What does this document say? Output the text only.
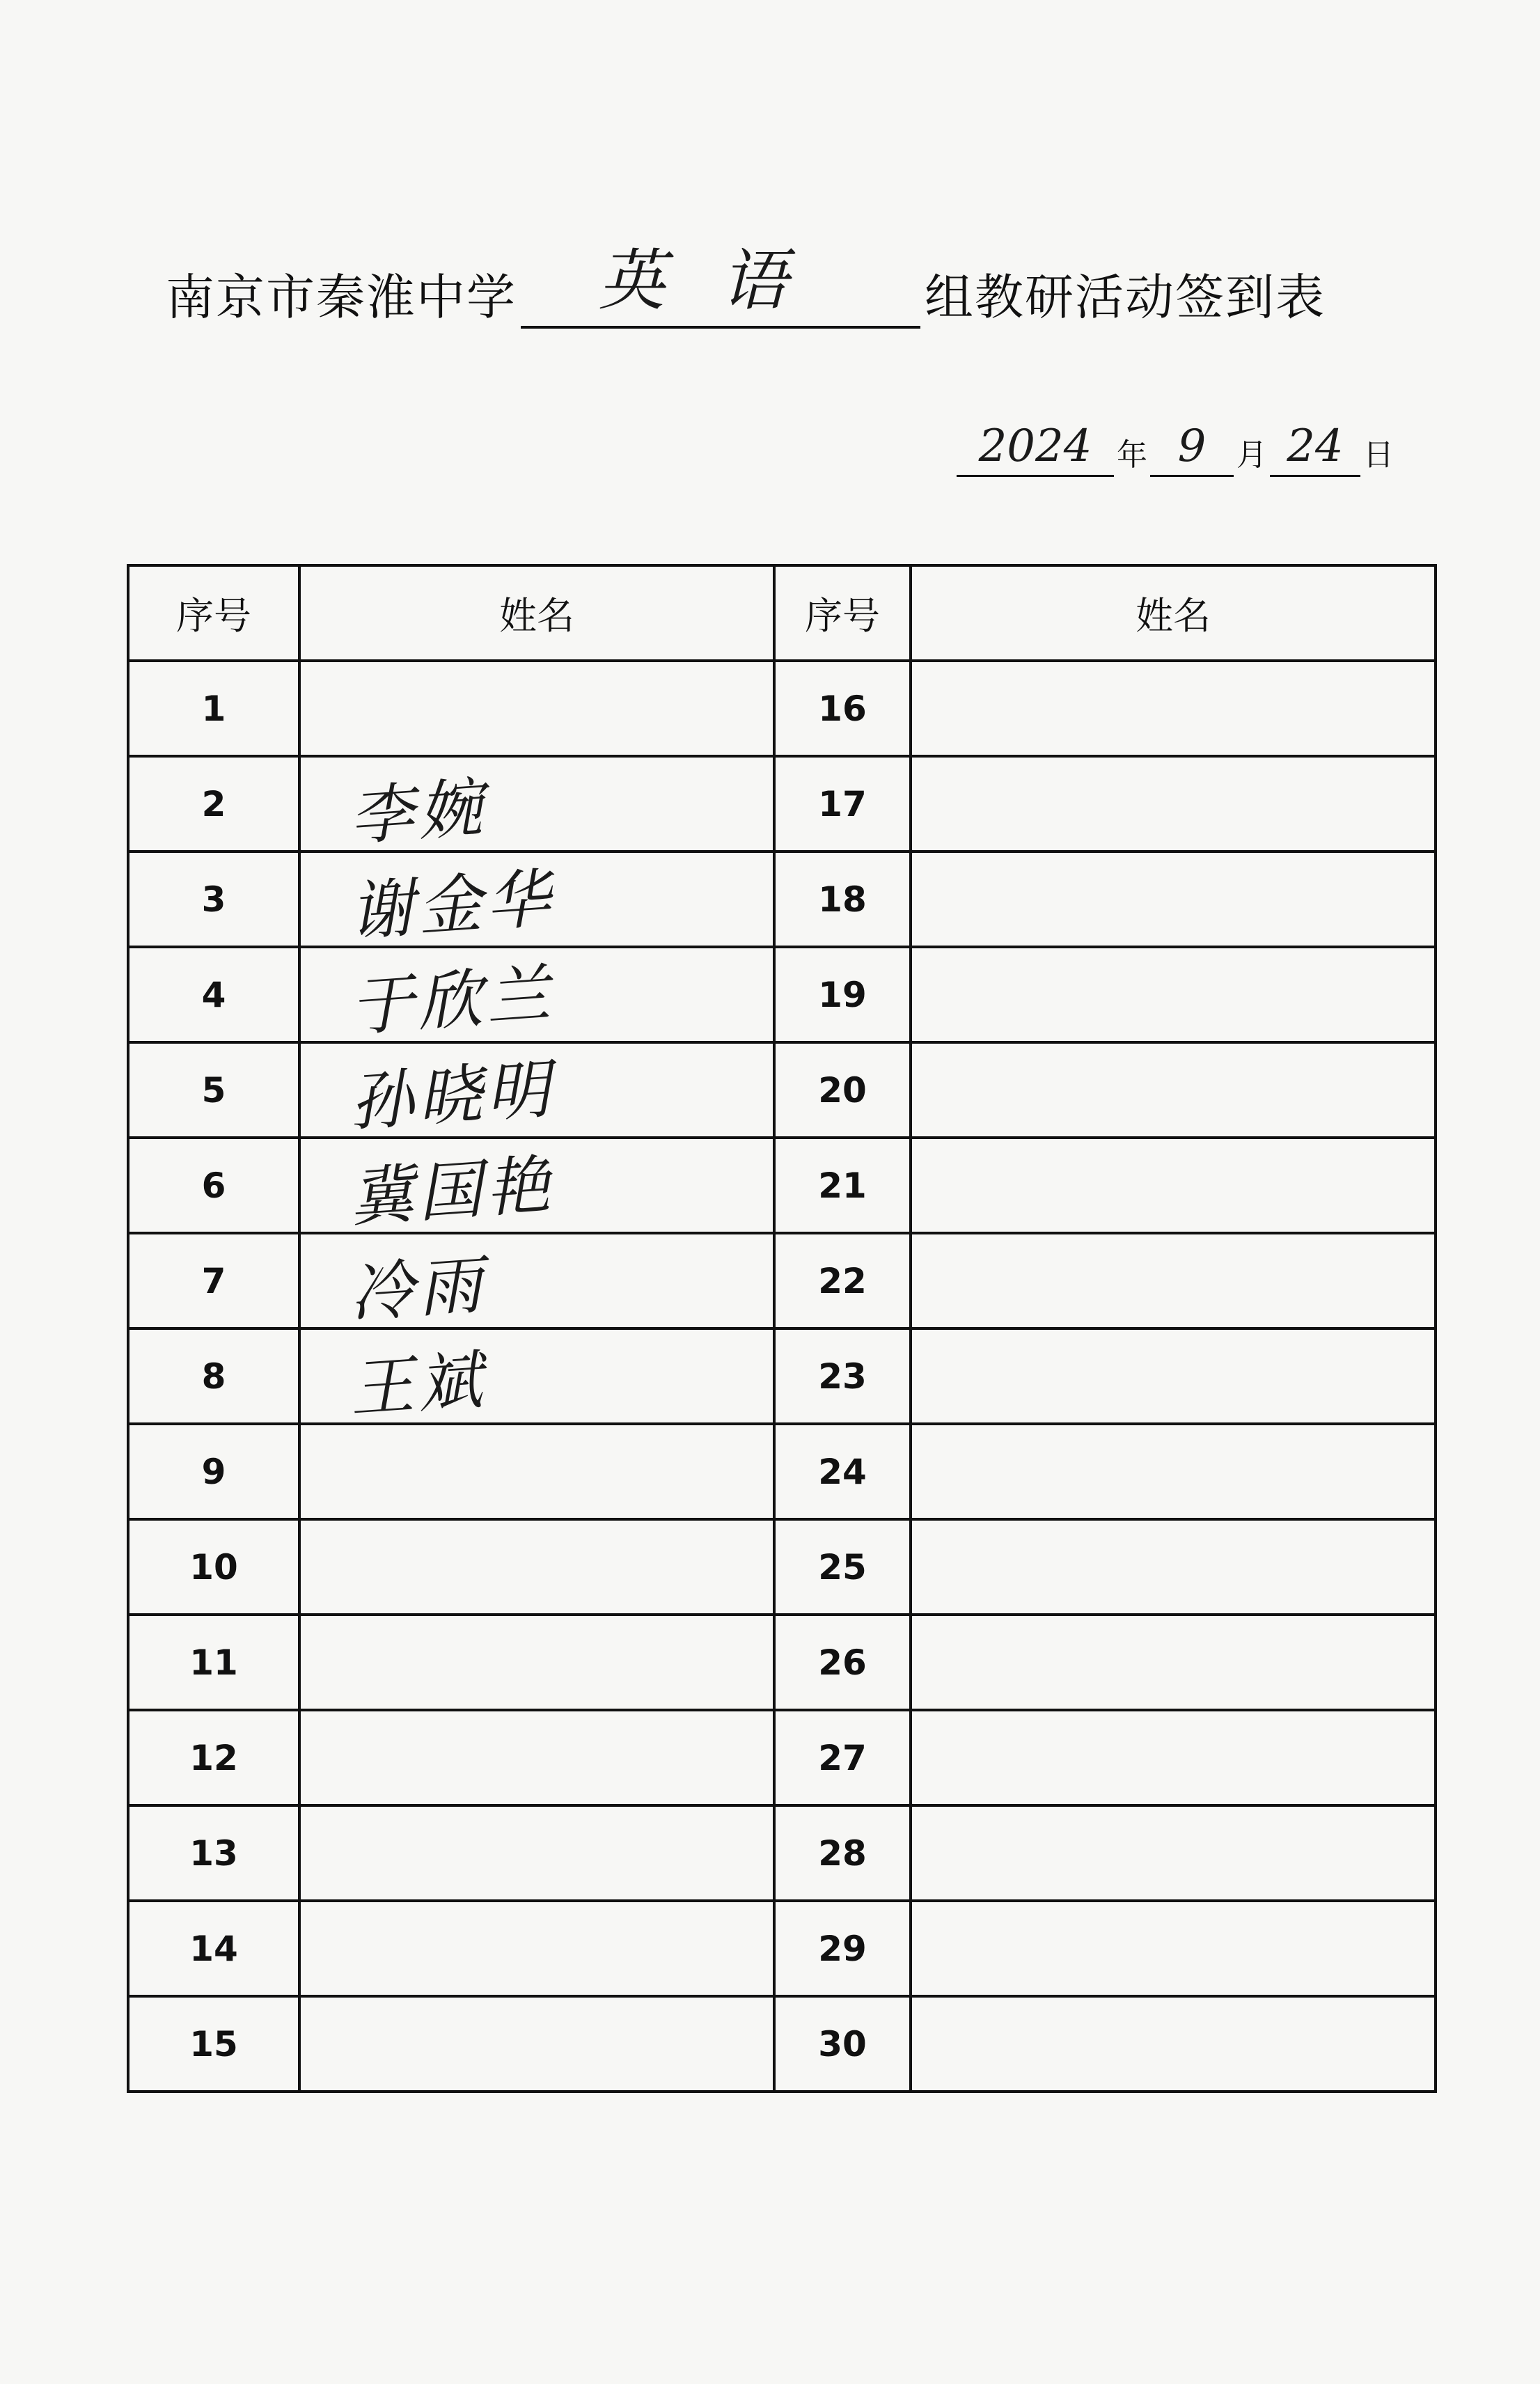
南京市秦淮中学	英语	组教研活动签到表
2024 年 9 月 24 日
序号	姓名	序号	姓名
1		16	

2	李婉	17	

3	谢金华	18	

4	于欣兰	19	

5	孙晓明	20	

6	冀国艳	21	

7	冷雨	22	

8	王斌	23	

9		24	

10		25	

11		26	

12		27	

13		28	

14		29	

15		30	
